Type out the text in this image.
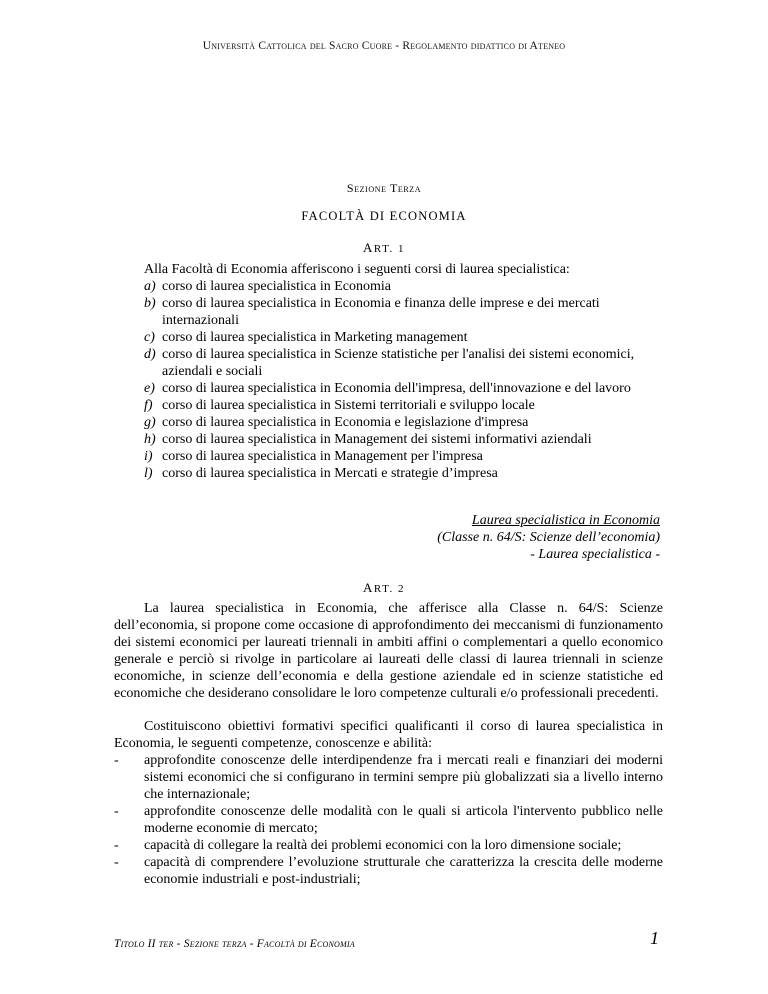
Università Cattolica del Sacro Cuore - Regolamento didattico di Ateneo
Sezione Terza
FACOLTÀ DI ECONOMIA
ART. 1

Alla Facoltà di Economia afferiscono i seguenti corsi di laurea specialistica:

a) corso di laurea specialistica in Economia
b) corso di laurea specialistica in Economia e finanza delle imprese e dei mercati internazionali
c) corso di laurea specialistica in Marketing management
d) corso di laurea specialistica in Scienze statistiche per l'analisi dei sistemi economici, aziendali e sociali
e) corso di laurea specialistica in Economia dell'impresa, dell'innovazione e del lavoro
f) corso di laurea specialistica in Sistemi territoriali e sviluppo locale
g) corso di laurea specialistica in Economia e legislazione d'impresa
h) corso di laurea specialistica in Management dei sistemi informativi aziendali
i) corso di laurea specialistica in Management per l'impresa
l) corso di laurea specialistica in Mercati e strategie d’impresa
Laurea specialistica in Economia
(Classe n. 64/S: Scienze dell’economia)
- Laurea specialistica -
ART. 2

La laurea specialistica in Economia, che afferisce alla Classe n. 64/S: Scienze dell’economia, si propone come occasione di approfondimento dei meccanismi di funzionamento dei sistemi economici per laureati triennali in ambiti affini o complementari a quello economico generale e perciò si rivolge in particolare ai laureati delle classi di laurea triennali in scienze economiche, in scienze dell’economia e della gestione aziendale ed in scienze statistiche ed economiche che desiderano consolidare le loro competenze culturali e/o professionali precedenti.

Costituiscono obiettivi formativi specifici qualificanti il corso di laurea specialistica in Economia, le seguenti competenze, conoscenze e abilità:

- approfondite conoscenze delle interdipendenze fra i mercati reali e finanziari dei moderni sistemi economici che si configurano in termini sempre più globalizzati sia a livello interno che internazionale;
- approfondite conoscenze delle modalità con le quali si articola l'intervento pubblico nelle moderne economie di mercato;
- capacità di collegare la realtà dei problemi economici con la loro dimensione sociale;
- capacità di comprendere l’evoluzione strutturale che caratterizza la crescita delle moderne economie industriali e post-industriali;
Titolo II ter - Sezione terza - Facoltà di Economia	1
